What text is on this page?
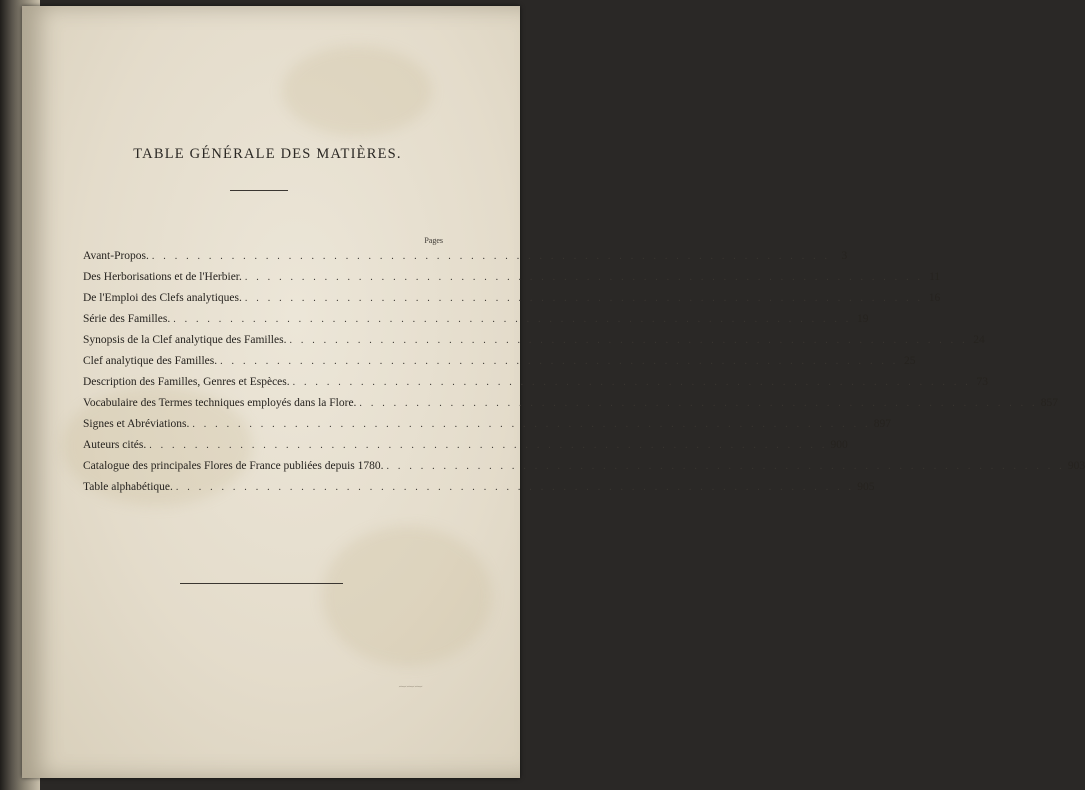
TABLE GÉNÉRALE DES MATIÈRES.
Pages
Avant-Propos. . . . . . . . . . . . . . . . . . . . . . . . . . . . . . . . . . . . . . . . . . . . . . . . . . . . . . . . . . . . . 3
Des Herborisations et de l'Herbier. . . . . . . . . . . . . . . . . . . . . . . . . . . . . . . . . . . . . . . . . . . . . . . . . . . . . . . . . . . . . 11
De l'Emploi des Clefs analytiques. . . . . . . . . . . . . . . . . . . . . . . . . . . . . . . . . . . . . . . . . . . . . . . . . . . . . . . . . . . . . 16
Série des Familles. . . . . . . . . . . . . . . . . . . . . . . . . . . . . . . . . . . . . . . . . . . . . . . . . . . . . . . . . . . . . 19
Synopsis de la Clef analytique des Familles. . . . . . . . . . . . . . . . . . . . . . . . . . . . . . . . . . . . . . . . . . . . . . . . . . . . . . . . . . . . . 24
Clef analytique des Familles. . . . . . . . . . . . . . . . . . . . . . . . . . . . . . . . . . . . . . . . . . . . . . . . . . . . . . . . . . . . . 25
Description des Familles, Genres et Espèces. . . . . . . . . . . . . . . . . . . . . . . . . . . . . . . . . . . . . . . . . . . . . . . . . . . . . . . . . . . . . 73
Vocabulaire des Termes techniques employés dans la Flore. . . . . . . . . . . . . . . . . . . . . . . . . . . . . . . . . . . . . . . . . . . . . . . . . . . . . . . . . . . . . 857
Signes et Abréviations. . . . . . . . . . . . . . . . . . . . . . . . . . . . . . . . . . . . . . . . . . . . . . . . . . . . . . . . . . . . . 897
Auteurs cités. . . . . . . . . . . . . . . . . . . . . . . . . . . . . . . . . . . . . . . . . . . . . . . . . . . . . . . . . . . . . 900
Catalogue des principales Flores de France publiées depuis 1780. . . . . . . . . . . . . . . . . . . . . . . . . . . . . . . . . . . . . . . . . . . . . . . . . . . . . . . . . . . . . 903
Table alphabétique. . . . . . . . . . . . . . . . . . . . . . . . . . . . . . . . . . . . . . . . . . . . . . . . . . . . . . . . . . . . . 905
⁓⁓⁓
